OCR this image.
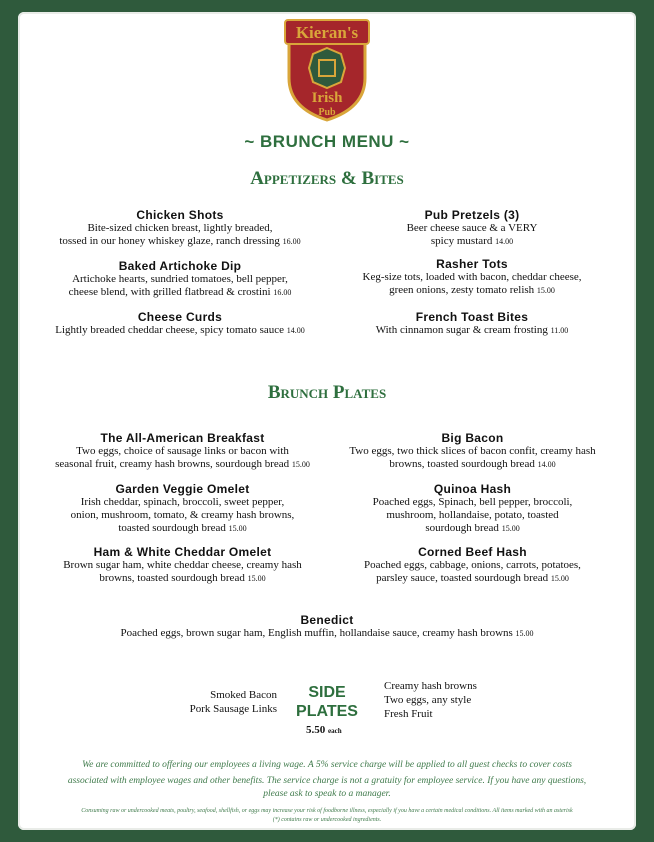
Kieran's
Irish
Pub
~ BRUNCH MENU ~
Appetizers & Bites
Chicken Shots
Bite-sized chicken breast, lightly breaded,
tossed in our honey whiskey glaze, ranch dressing 16.00
Baked Artichoke Dip
Artichoke hearts, sundried tomatoes, bell pepper,
cheese blend, with grilled flatbread & crostini 16.00
Cheese Curds
Lightly breaded cheddar cheese, spicy tomato sauce 14.00
Pub Pretzels (3)
Beer cheese sauce & a VERY
spicy mustard 14.00
Rasher Tots
Keg-size tots, loaded with bacon, cheddar cheese,
green onions, zesty tomato relish 15.00
French Toast Bites
With cinnamon sugar & cream frosting 11.00
Brunch Plates
The All-American Breakfast
Two eggs, choice of sausage links or bacon with
seasonal fruit, creamy hash browns, sourdough bread 15.00
Garden Veggie Omelet
Irish cheddar, spinach, broccoli, sweet pepper,
onion, mushroom, tomato, & creamy hash browns,
toasted sourdough bread 15.00
Ham & White Cheddar Omelet
Brown sugar ham, white cheddar cheese, creamy hash
browns, toasted sourdough bread 15.00
Big Bacon
Two eggs, two thick slices of bacon confit, creamy hash
browns, toasted sourdough bread 14.00
Quinoa Hash
Poached eggs, Spinach, bell pepper, broccoli,
mushroom, hollandaise, potato, toasted
sourdough bread 15.00
Corned Beef Hash
Poached eggs, cabbage, onions, carrots, potatoes,
parsley sauce, toasted sourdough bread 15.00
Benedict
Poached eggs, brown sugar ham, English muffin, hollandaise sauce, creamy hash browns 15.00
Smoked Bacon
Pork Sausage Links
SIDE
PLATES
5.50 each
Creamy hash browns
Two eggs, any style
Fresh Fruit
We are committed to offering our employees a living wage. A 5% service charge will be applied to all guest checks to cover costs
associated with employee wages and other benefits. The service charge is not a gratuity for employee service. If you have any questions,
please ask to speak to a manager.
Consuming raw or undercooked meats, poultry, seafood, shellfish, or eggs may increase your risk of foodborne illness, especially if you have a certain medical conditions. All items marked with an asterisk
(*) contains raw or undercooked ingredients.
